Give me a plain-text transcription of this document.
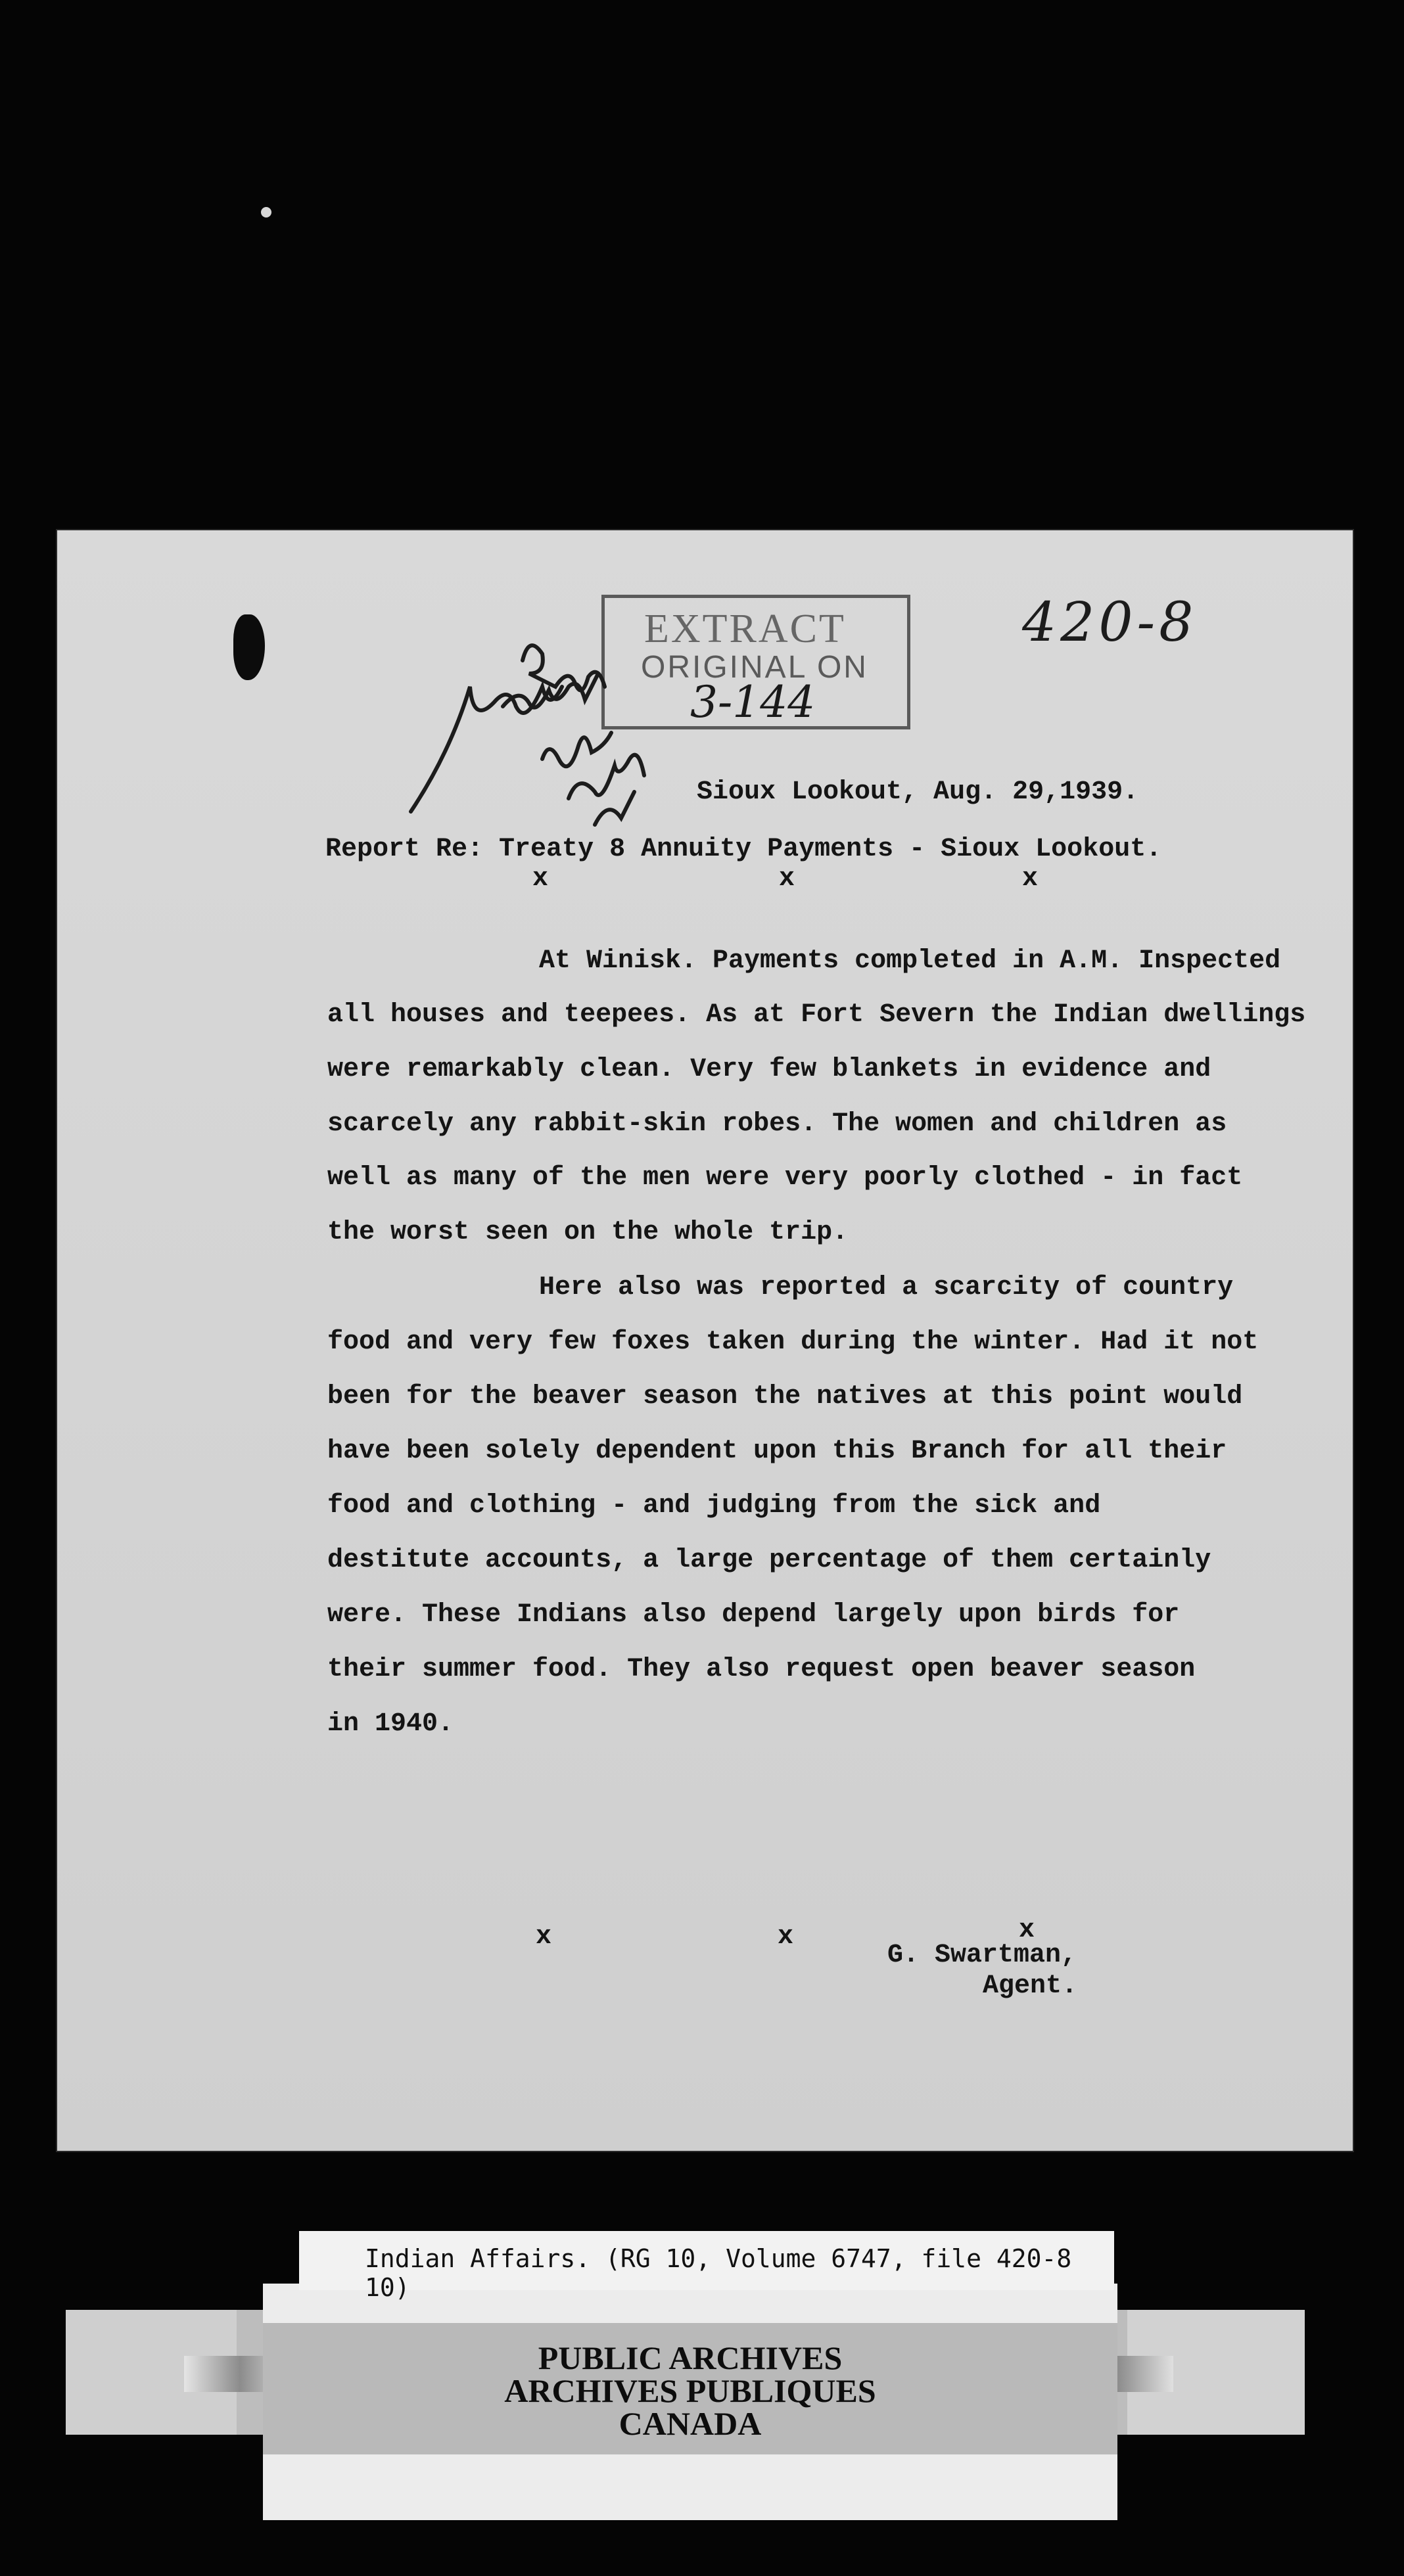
EXTRACT
ORIGINAL ON
3-144
420-8
Sioux Lookout, Aug. 29,1939.
Report Re: Treaty 8 Annuity Payments - Sioux Lookout.
x	x	x
At Winisk. Payments completed in A.M. Inspected
all houses and teepees. As at Fort Severn the Indian dwellings
were remarkably clean. Very few blankets in evidence and
scarcely any rabbit-skin robes. The women and children as
well as many of the men were very poorly clothed - in fact
the worst seen on the whole trip.
Here also was reported a scarcity of country
food and very few foxes taken during the winter. Had it not
been for the beaver season the natives at this point would
have been solely dependent upon this Branch for all their
food and clothing - and judging from the sick and
destitute accounts, a large percentage of them certainly
were. These Indians also depend largely upon birds for
their summer food. They also request open beaver season
in 1940.
x	x	x
G. Swartman,
Agent.
PUBLIC ARCHIVES
ARCHIVES PUBLIQUES
CANADA
Indian Affairs. (RG 10, Volume 6747, file 420-8 10)
